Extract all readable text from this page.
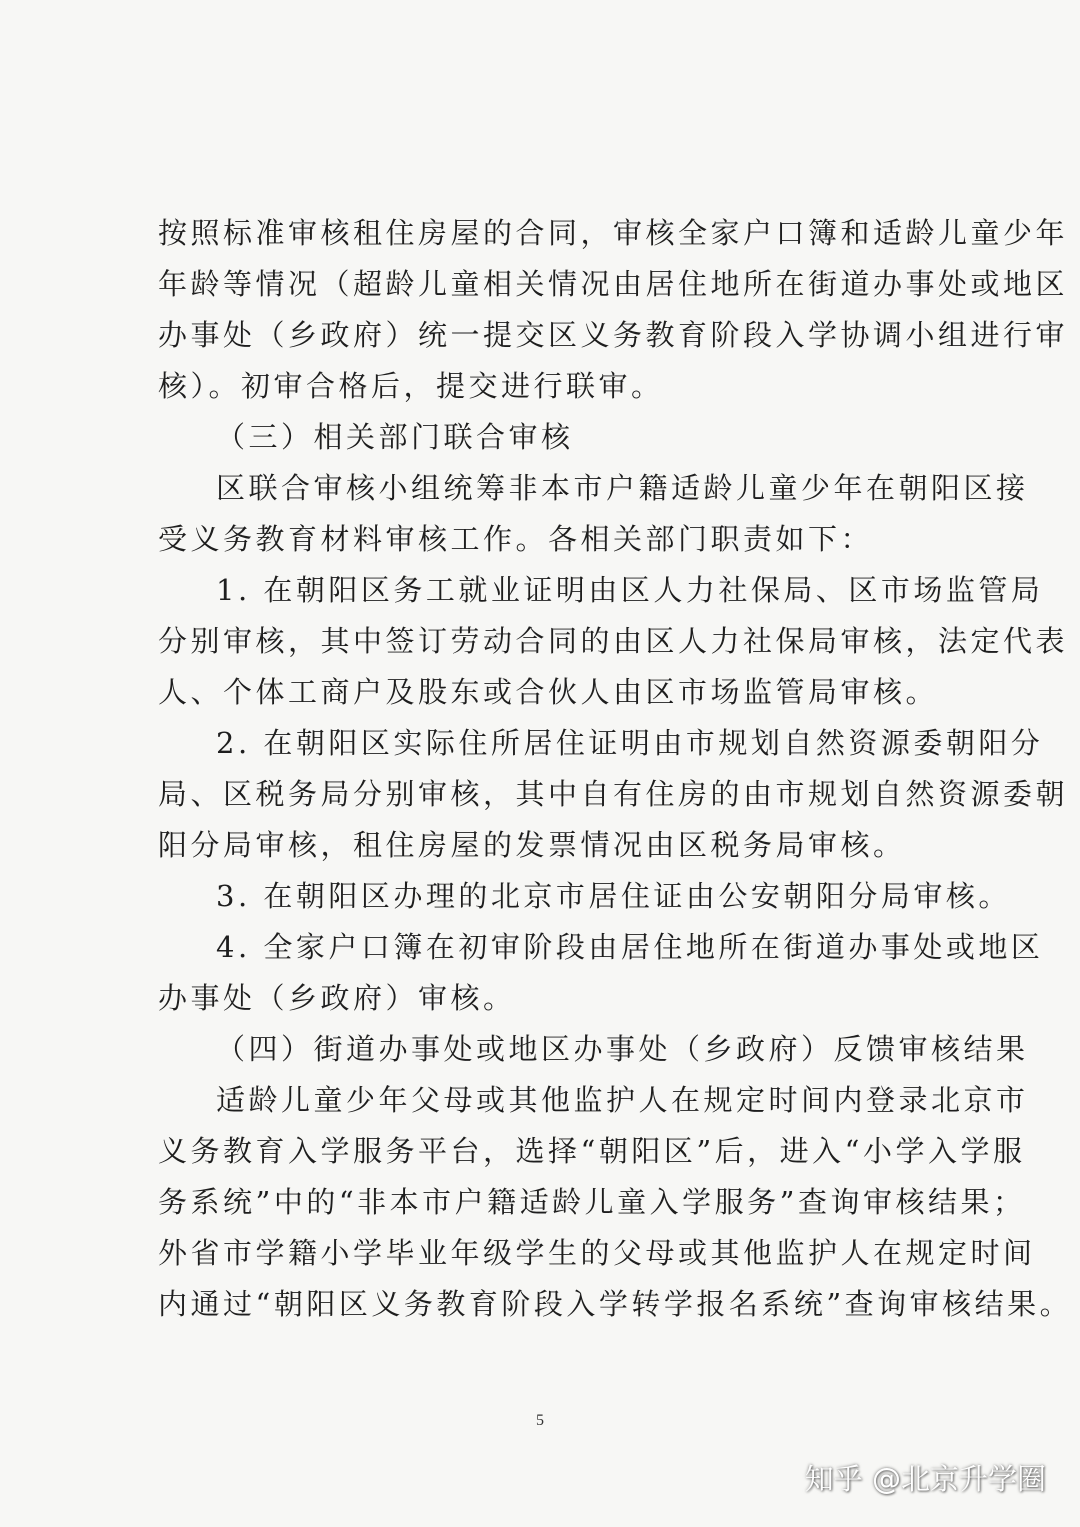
按照标准审核租住房屋的合同，审核全家户口簿和适龄儿童少年
年龄等情况（超龄儿童相关情况由居住地所在街道办事处或地区
办事处（乡政府）统一提交区义务教育阶段入学协调小组进行审
核）。初审合格后，提交进行联审。
（三）相关部门联合审核
区联合审核小组统筹非本市户籍适龄儿童少年在朝阳区接
受义务教育材料审核工作。各相关部门职责如下：
1. 在朝阳区务工就业证明由区人力社保局、区市场监管局
分别审核，其中签订劳动合同的由区人力社保局审核，法定代表
人、个体工商户及股东或合伙人由区市场监管局审核。
2. 在朝阳区实际住所居住证明由市规划自然资源委朝阳分
局、区税务局分别审核，其中自有住房的由市规划自然资源委朝
阳分局审核，租住房屋的发票情况由区税务局审核。
3. 在朝阳区办理的北京市居住证由公安朝阳分局审核。
4. 全家户口簿在初审阶段由居住地所在街道办事处或地区
办事处（乡政府）审核。
（四）街道办事处或地区办事处（乡政府）反馈审核结果
适龄儿童少年父母或其他监护人在规定时间内登录北京市
义务教育入学服务平台，选择“朝阳区”后，进入“小学入学服
务系统”中的“非本市户籍适龄儿童入学服务”查询审核结果；
外省市学籍小学毕业年级学生的父母或其他监护人在规定时间
内通过“朝阳区义务教育阶段入学转学报名系统”查询审核结果。
5
知乎 @北京升学圈
